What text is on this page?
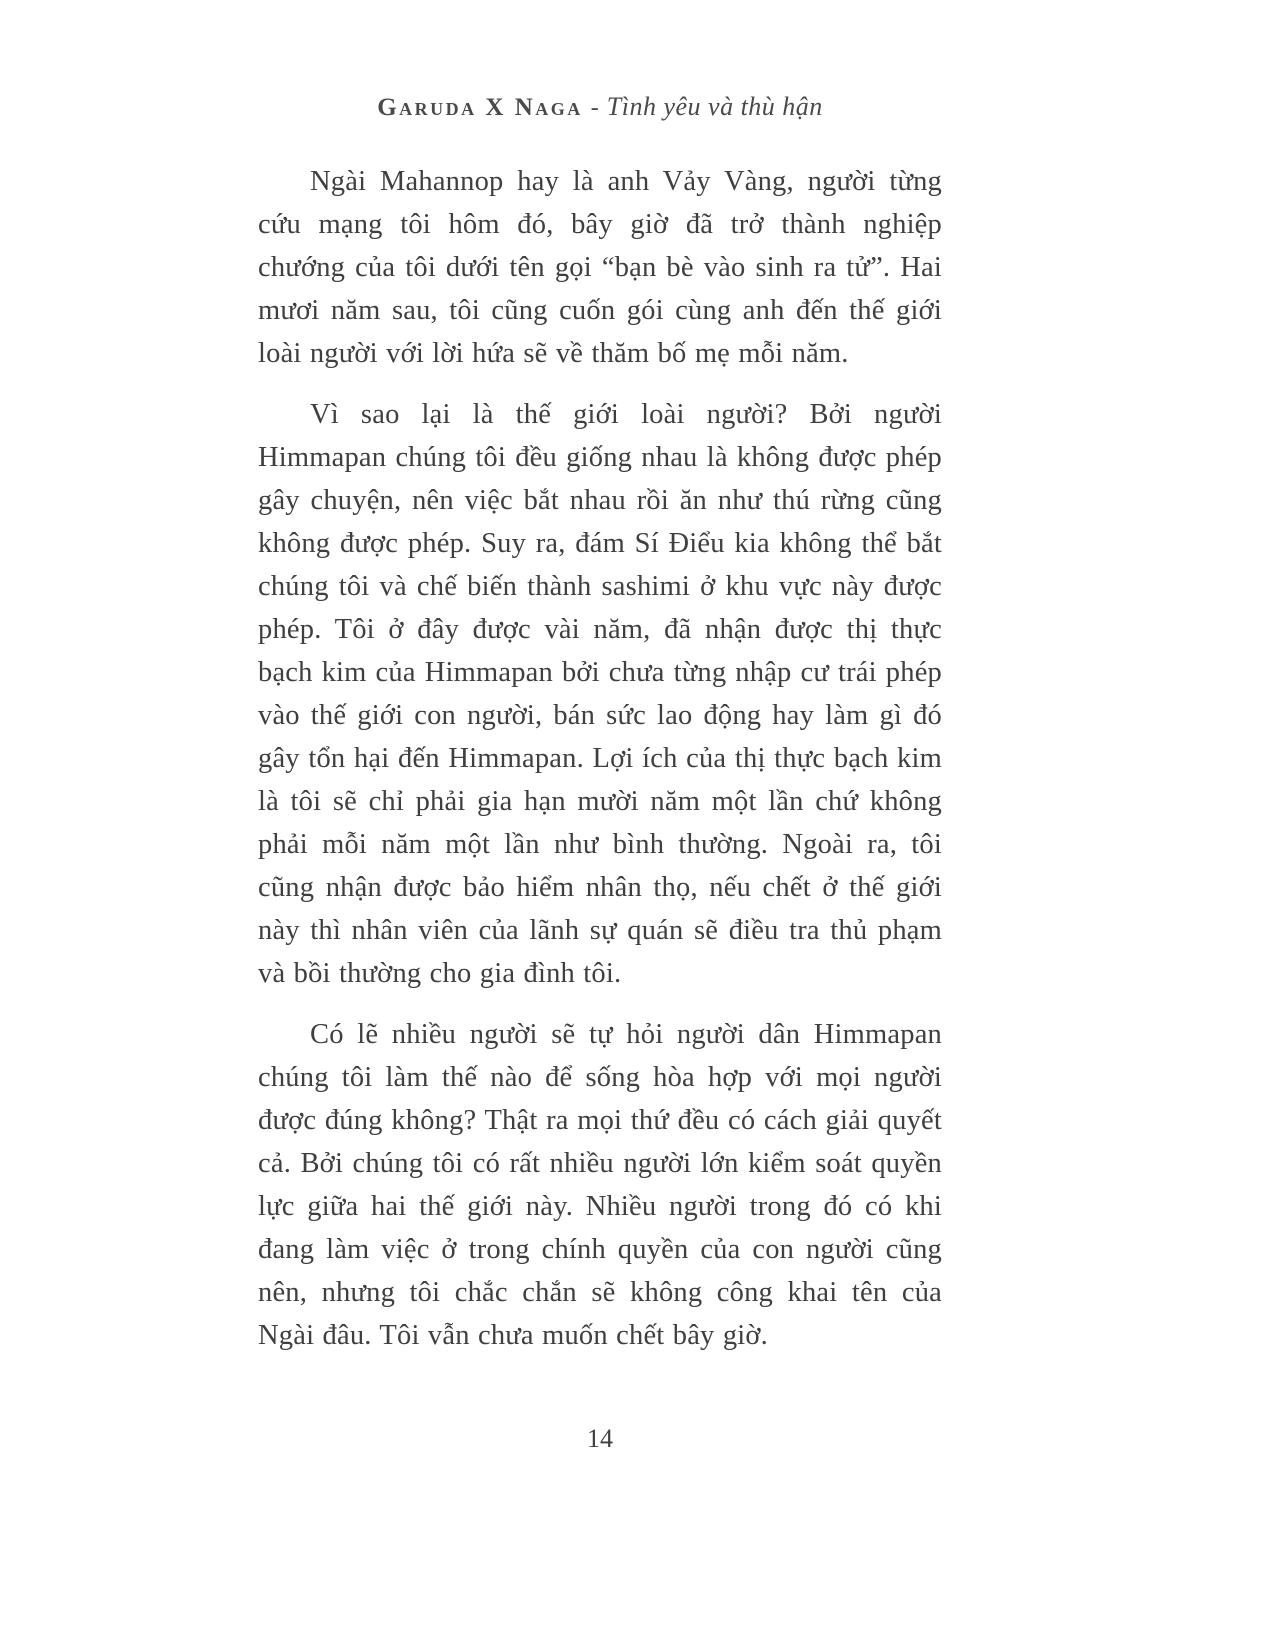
Garuda X Naga - Tình yêu và thù hận

Ngài Mahannop hay là anh Vảy Vàng, người từng cứu mạng tôi hôm đó, bây giờ đã trở thành nghiệp chướng của tôi dưới tên gọi “bạn bè vào sinh ra tử”. Hai mươi năm sau, tôi cũng cuốn gói cùng anh đến thế giới loài người với lời hứa sẽ về thăm bố mẹ mỗi năm.

Vì sao lại là thế giới loài người? Bởi người Himmapan chúng tôi đều giống nhau là không được phép gây chuyện, nên việc bắt nhau rồi ăn như thú rừng cũng không được phép. Suy ra, đám Sí Điểu kia không thể bắt chúng tôi và chế biến thành sashimi ở khu vực này được phép. Tôi ở đây được vài năm, đã nhận được thị thực bạch kim của Himmapan bởi chưa từng nhập cư trái phép vào thế giới con người, bán sức lao động hay làm gì đó gây tổn hại đến Himmapan. Lợi ích của thị thực bạch kim là tôi sẽ chỉ phải gia hạn mười năm một lần chứ không phải mỗi năm một lần như bình thường. Ngoài ra, tôi cũng nhận được bảo hiểm nhân thọ, nếu chết ở thế giới này thì nhân viên của lãnh sự quán sẽ điều tra thủ phạm và bồi thường cho gia đình tôi.

Có lẽ nhiều người sẽ tự hỏi người dân Himmapan chúng tôi làm thế nào để sống hòa hợp với mọi người được đúng không? Thật ra mọi thứ đều có cách giải quyết cả. Bởi chúng tôi có rất nhiều người lớn kiểm soát quyền lực giữa hai thế giới này. Nhiều người trong đó có khi đang làm việc ở trong chính quyền của con người cũng nên, nhưng tôi chắc chắn sẽ không công khai tên của Ngài đâu. Tôi vẫn chưa muốn chết bây giờ.

14
